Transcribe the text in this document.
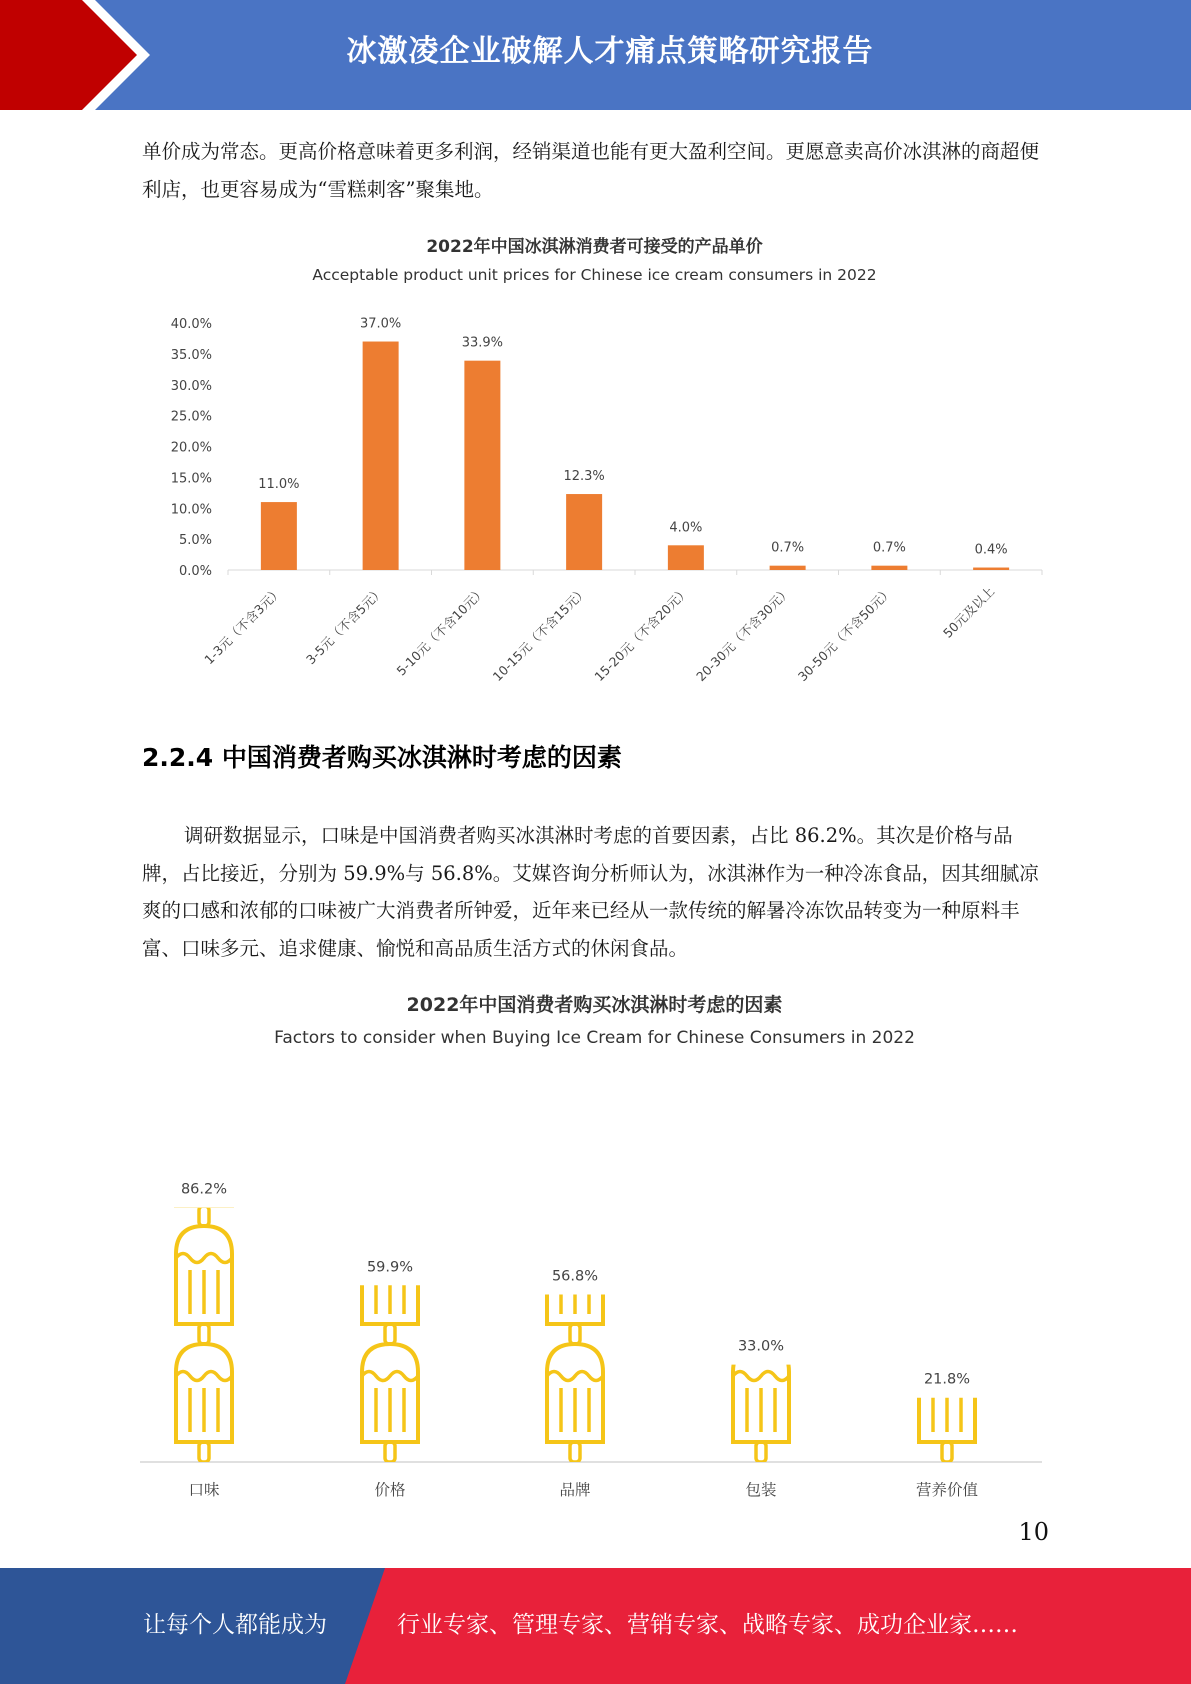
冰激凌企业破解人才痛点策略研究报告

单价成为常态。更高价格意味着更多利润，经销渠道也能有更大盈利空间。更愿意卖高价冰淇淋的商超便利店，也更容易成为“雪糕刺客”聚集地。

2022年中国冰淇淋消费者可接受的产品单价

Acceptable product unit prices for Chinese ice cream consumers in 2022

0.0%
5.0%
10.0%
15.0%
20.0%
25.0%
30.0%
35.0%
40.0%
11.0%
1-3元（不含3元）
37.0%
3-5元（不含5元）
33.9%
5-10元（不含10元）
12.3%
10-15元（不含15元）
4.0%
15-20元（不含20元）
0.7%
20-30元（不含30元）
0.7%
30-50元（不含50元）
0.4%
50元及以上
2.2.4 中国消费者购买冰淇淋时考虑的因素

调研数据显示，口味是中国消费者购买冰淇淋时考虑的首要因素，占比 86.2%。其次是价格与品牌，占比接近，分别为 59.9%与 56.8%。艾媒咨询分析师认为，冰淇淋作为一种冷冻食品，因其细腻凉爽的口感和浓郁的口味被广大消费者所钟爱，近年来已经从一款传统的解暑冷冻饮品转变为一种原料丰富、口味多元、追求健康、愉悦和高品质生活方式的休闲食品。

2022年中国消费者购买冰淇淋时考虑的因素

Factors to consider when Buying Ice Cream for Chinese Consumers in 2022

86.2%
口味
59.9%
价格
56.8%
品牌
33.0%
包装
21.8%
营养价值
10
让每个人都能成为	行业专家、管理专家、营销专家、战略专家、成功企业家……
